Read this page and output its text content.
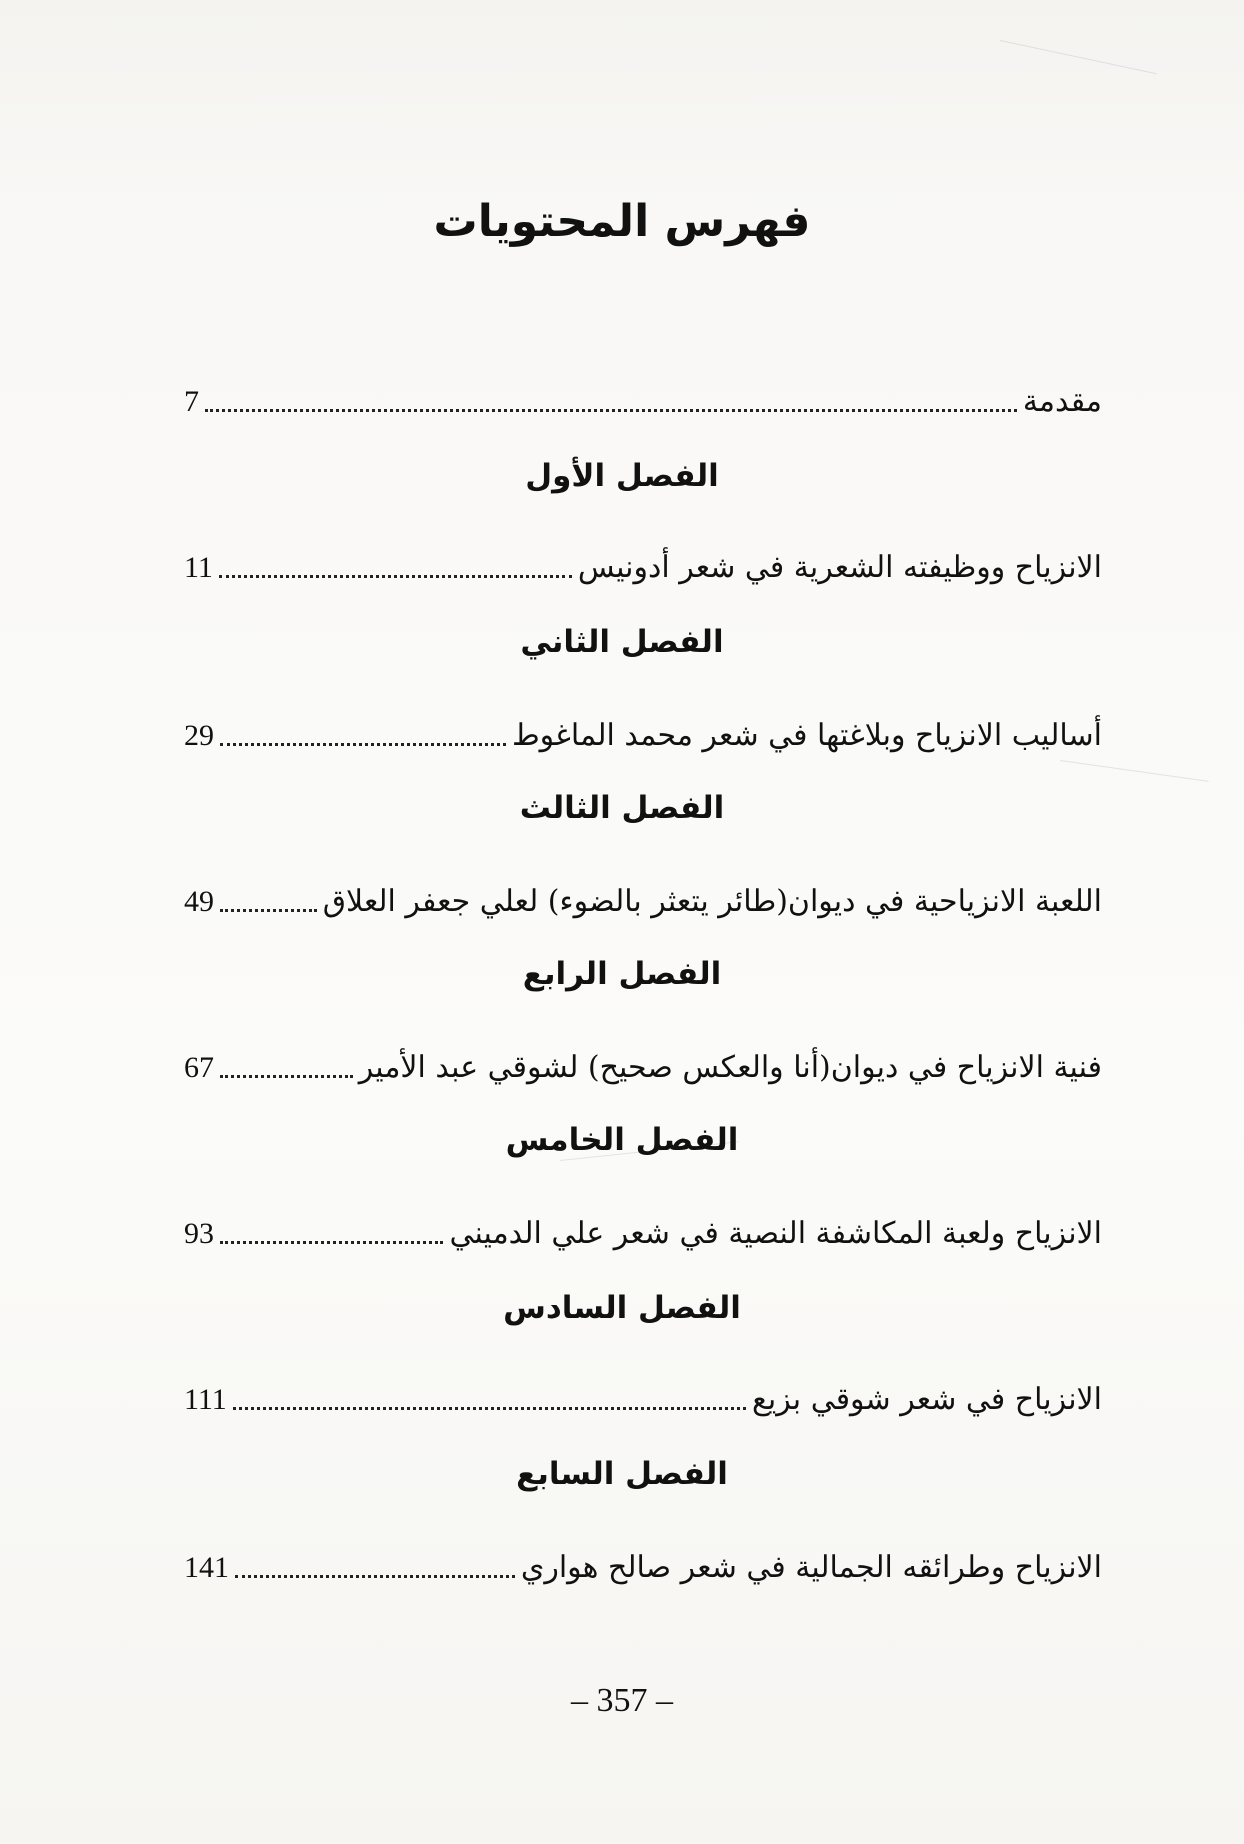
فهرس المحتويات
مقدمة
7
الفصل الأول
الانزياح ووظيفته الشعرية في شعر أدونيس
11
الفصل الثاني
أساليب الانزياح وبلاغتها في شعر محمد الماغوط
29
الفصل الثالث
اللعبة الانزياحية في ديوان(طائر يتعثر بالضوء) لعلي جعفر العلاق
49
الفصل الرابع
فنية الانزياح في ديوان(أنا والعكس صحيح) لشوقي عبد الأمير
67
الفصل الخامس
الانزياح ولعبة المكاشفة النصية في شعر علي الدميني
93
الفصل السادس
الانزياح في شعر شوقي بزيع
111
الفصل السابع
الانزياح وطرائقه الجمالية في شعر صالح هواري
141
– 357 –
